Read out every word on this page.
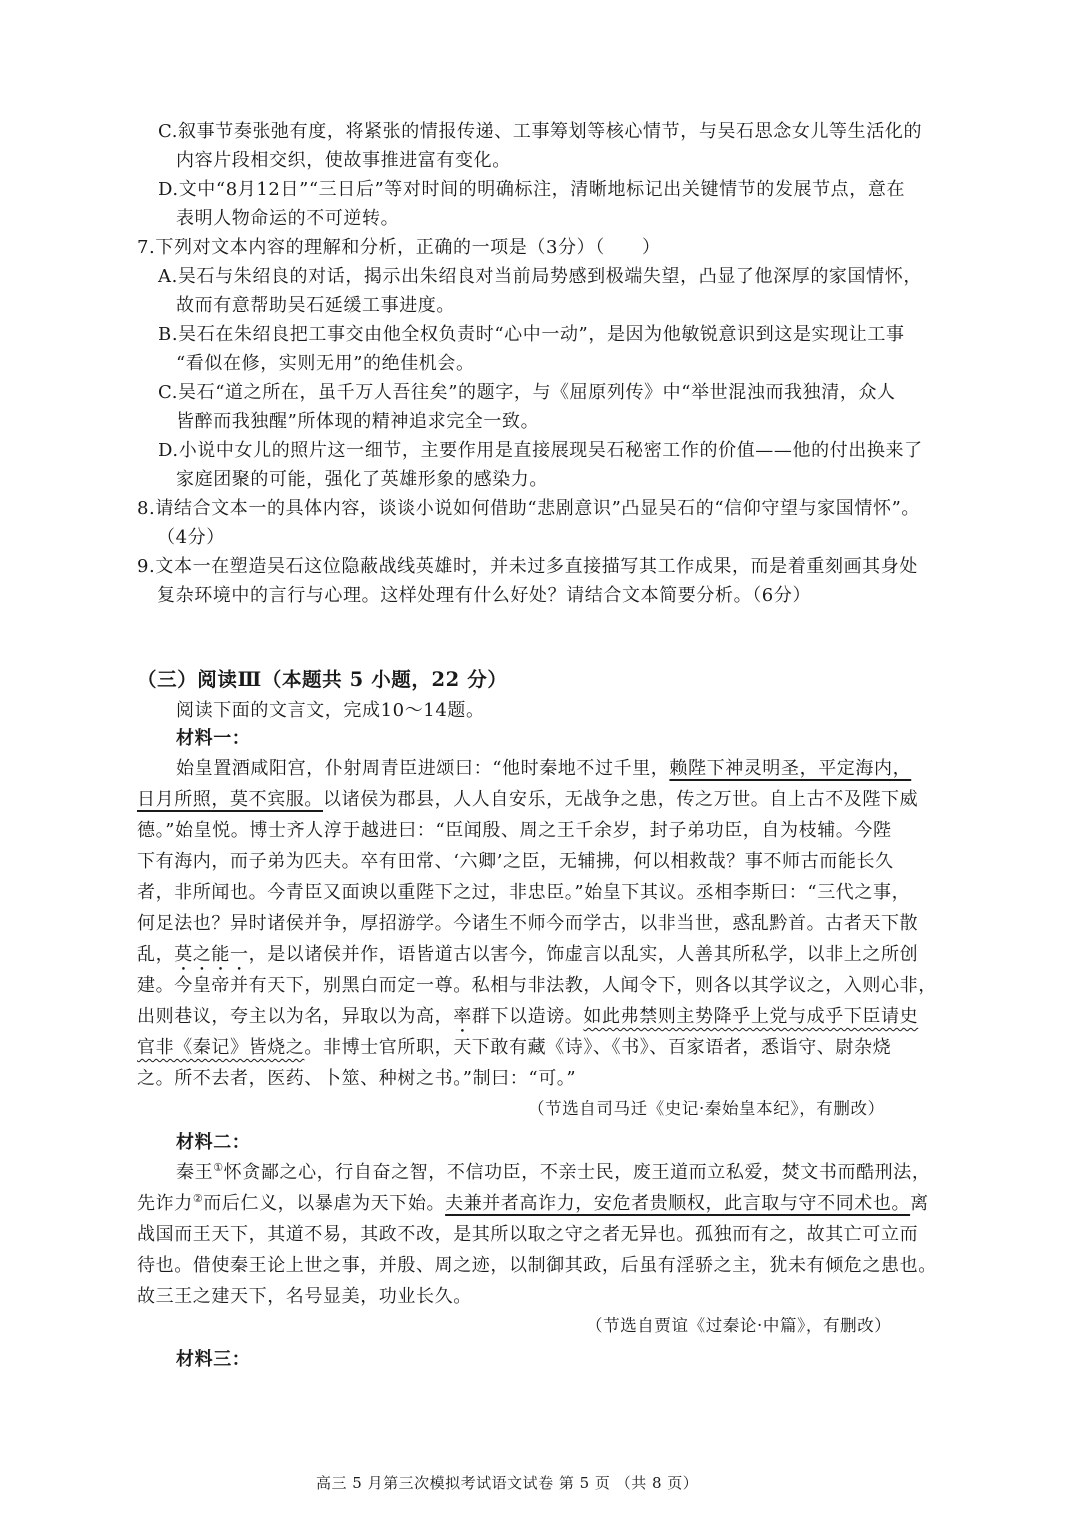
C.叙事节奏张弛有度，将紧张的情报传递、工事筹划等核心情节，与吴石思念女儿等生活化的
内容片段相交织，使故事推进富有变化。
D.文中“8月12日”“三日后”等对时间的明确标注，清晰地标记出关键情节的发展节点，意在
表明人物命运的不可逆转。
7.下列对文本内容的理解和分析，正确的一项是（3分）（　　）
A.吴石与朱绍良的对话，揭示出朱绍良对当前局势感到极端失望，凸显了他深厚的家国情怀，
故而有意帮助吴石延缓工事进度。
B.吴石在朱绍良把工事交由他全权负责时“心中一动”，是因为他敏锐意识到这是实现让工事
“看似在修，实则无用”的绝佳机会。
C.吴石“道之所在，虽千万人吾往矣”的题字，与《屈原列传》中“举世混浊而我独清，众人
皆醉而我独醒”所体现的精神追求完全一致。
D.小说中女儿的照片这一细节，主要作用是直接展现吴石秘密工作的价值——他的付出换来了
家庭团聚的可能，强化了英雄形象的感染力。
8.请结合文本一的具体内容，谈谈小说如何借助“悲剧意识”凸显吴石的“信仰守望与家国情怀”。
（4分）
9.文本一在塑造吴石这位隐蔽战线英雄时，并未过多直接描写其工作成果，而是着重刻画其身处
复杂环境中的言行与心理。这样处理有什么好处？请结合文本简要分析。（6分）
（三）阅读Ⅲ（本题共 5 小题，22 分）
阅读下面的文言文，完成10～14题。
材料一：
始皇置酒咸阳宫，仆射周青臣进颂曰：“他时秦地不过千里，赖陛下神灵明圣，平定海内，
日月所照，莫不宾服。以诸侯为郡县，人人自安乐，无战争之患，传之万世。自上古不及陛下威
德。”始皇悦。博士齐人淳于越进曰：“臣闻殷、周之王千余岁，封子弟功臣，自为枝辅。今陛
下有海内，而子弟为匹夫。卒有田常、‘六卿’之臣，无辅拂，何以相救哉？事不师古而能长久
者，非所闻也。今青臣又面谀以重陛下之过，非忠臣。”始皇下其议。丞相李斯曰：“三代之事，
何足法也？异时诸侯并争，厚招游学。今诸生不师今而学古，以非当世，惑乱黔首。古者天下散
乱，莫之能一，是以诸侯并作，语皆道古以害今，饰虚言以乱实，人善其所私学，以非上之所创
建。今皇帝并有天下，别黑白而定一尊。私相与非法教，人闻令下，则各以其学议之，入则心非，
出则巷议，夸主以为名，异取以为高，率群下以造谤。如此弗禁则主势降乎上党与成乎下臣请史
官非《秦记》皆烧之。非博士官所职，天下敢有藏《诗》、《书》、百家语者，悉诣守、尉杂烧
之。所不去者，医药、卜筮、种树之书。”制曰：“可。”
（节选自司马迁《史记·秦始皇本纪》，有删改）
材料二：
秦王①怀贪鄙之心，行自奋之智，不信功臣，不亲士民，废王道而立私爱，焚文书而酷刑法，
先诈力②而后仁义，以暴虐为天下始。夫兼并者高诈力，安危者贵顺权，此言取与守不同术也。离
战国而王天下，其道不易，其政不改，是其所以取之守之者无异也。孤独而有之，故其亡可立而
待也。借使秦王论上世之事，并殷、周之迹，以制御其政，后虽有淫骄之主，犹未有倾危之患也。
故三王之建天下，名号显美，功业长久。
（节选自贾谊《过秦论·中篇》，有删改）
材料三：
高三 5 月第三次模拟考试语文试卷 第 5 页 （共 8 页）
